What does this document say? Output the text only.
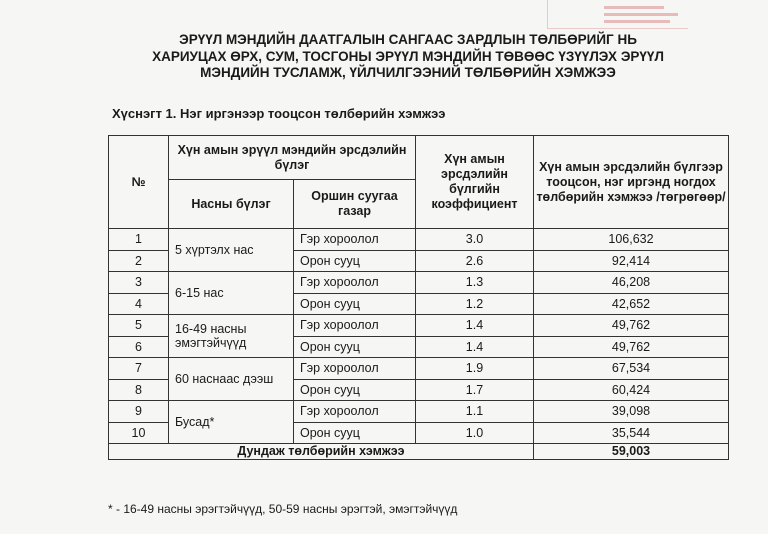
ЭРҮҮЛ МЭНДИЙН ДААТГАЛЫН САНГААС ЗАРДЛЫН ТӨЛБӨРИЙГ НЬ
ХАРИУЦАХ ӨРХ, СУМ, ТОСГОНЫ ЭРҮҮЛ МЭНДИЙН ТӨВӨӨС ҮЗҮҮЛЭХ ЭРҮҮЛ
МЭНДИЙН ТУСЛАМЖ, ҮЙЛЧИЛГЭЭНИЙ ТӨЛБӨРИЙН ХЭМЖЭЭ
Хүснэгт 1. Нэг иргэнээр тооцсон төлбөрийн хэмжээ
№	Хүн амын эрүүл мэндийн эрсдэлийн бүлэг		Хүн амын эрсдэлийн бүлгийн коэффициент	Хүн амын эрсдэлийн бүлгээр тооцсон, нэг иргэнд ногдох төлбөрийн хэмжээ /төгрөгөөр/
	Насны бүлэг	Оршин суугаа газар		
1	5 хүртэлх нас	Гэр хороолол	3.0	106,632
2		Орон сууц	2.6	92,414
3	6-15 нас	Гэр хороолол	1.3	46,208
4		Орон сууц	1.2	42,652
5	16-49 насны эмэгтэйчүүд	Гэр хороолол	1.4	49,762
6		Орон сууц	1.4	49,762
7	60 наснаас дээш	Гэр хороолол	1.9	67,534
8		Орон сууц	1.7	60,424
9	Бусад*	Гэр хороолол	1.1	39,098
10		Орон сууц	1.0	35,544
Дундаж төлбөрийн хэмжээ				59,003
* - 16-49 насны эрэгтэйчүүд, 50-59 насны эрэгтэй, эмэгтэйчүүд
